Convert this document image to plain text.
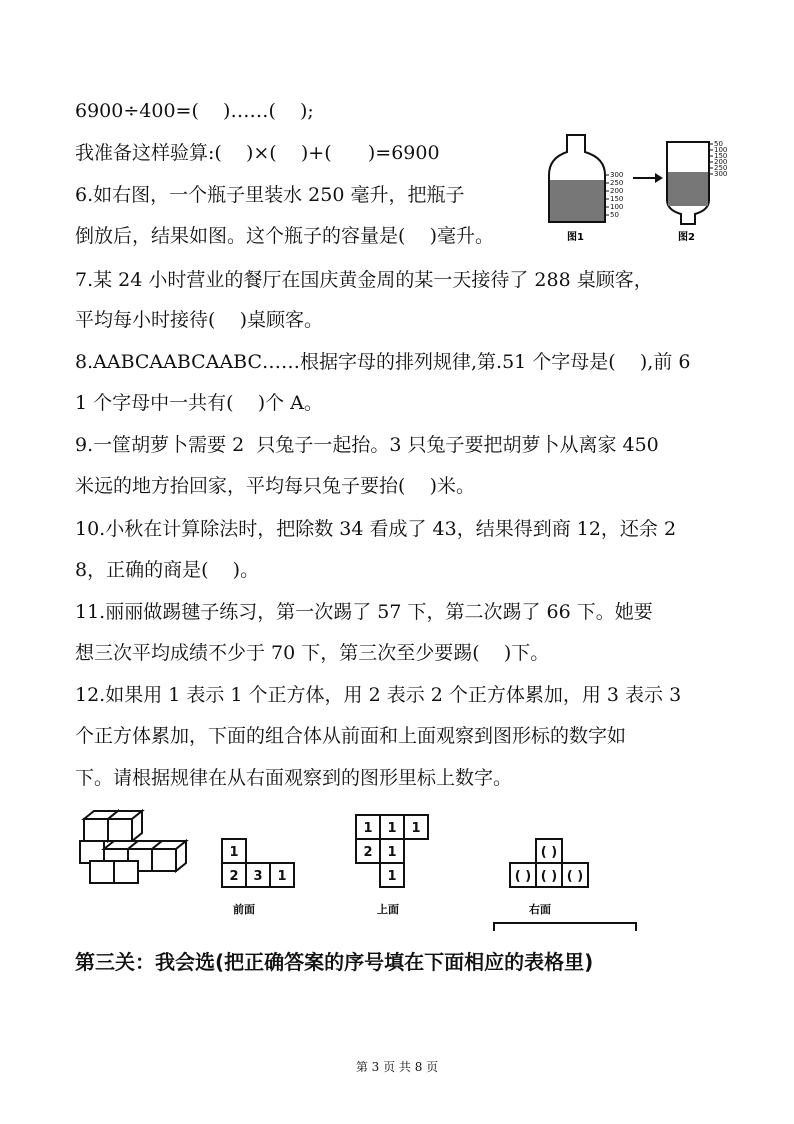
6900÷400=(    )……(    );
我准备这样验算:(    )×(    )+(      )=6900
6.如右图，一个瓶子里装水 250 毫升，把瓶子
倒放后，结果如图。这个瓶子的容量是(    )毫升。
7.某 24 小时营业的餐厅在国庆黄金周的某一天接待了 288 桌顾客，
平均每小时接待(    )桌顾客。
8.AABCAABCAABC……根据字母的排列规律,第.51 个字母是(    ),前 6
1 个字母中一共有(    )个 A。
9.一筐胡萝卜需要 2  只兔子一起抬。3 只兔子要把胡萝卜从离家 450
米远的地方抬回家，平均每只兔子要抬(    )米。
10.小秋在计算除法时，把除数 34 看成了 43，结果得到商 12，还余 2
8，正确的商是(    )。
11.丽丽做踢毽子练习，第一次踢了 57 下，第二次踢了 66 下。她要
想三次平均成绩不少于 70 下，第三次至少要踢(    )下。
12.如果用 1 表示 1 个正方体，用 2 表示 2 个正方体累加，用 3 表示 3
个正方体累加，下面的组合体从前面和上面观察到图形标的数字如
下。请根据规律在从右面观察到的图形里标上数字。
300
250
200
150
100
50
图1
50
100
150
200
250
300
图2
1
2 3 1
前面
1 1 1
2 1
1
上面
( )
( ) ( ) ( )
右面
第三关：我会选(把正确答案的序号填在下面相应的表格里)
第 3 页 共 8 页
